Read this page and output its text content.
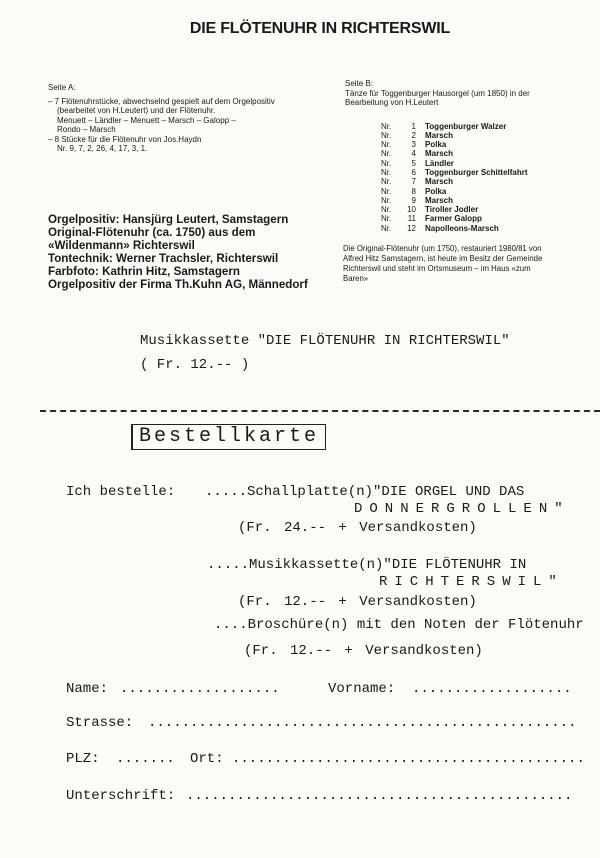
DIE FLÖTENUHR IN RICHTERSWIL
Seite A:
– 7 Flötenuhrstücke, abwechselnd gespielt auf dem Orgelpositiv (bearbeitet von H.Leutert) und der Flötenuhr.
Menuett – Ländler – Menuett – Marsch – Galopp –
Rondo – Marsch
– 8 Stücke für die Flötenuhr von Jos.Haydn
Nr. 9, 7, 2, 26, 4, 17, 3, 1.
Orgelpositiv: Hansjürg Leutert, Samstagern
Original-Flötenuhr (ca. 1750) aus dem
«Wildenmann» Richterswil
Tontechnik: Werner Trachsler, Richterswil
Farbfoto: Kathrin Hitz, Samstagern
Orgelpositiv der Firma Th.Kuhn AG, Männedorf
Seite B:
Tänze für Toggenburger Hausorgel (um 1850) in der
Bearbeitung von H.Leutert
Nr.	1	Toggenburger Walzer
Nr.	2	Marsch
Nr.	3	Polka
Nr.	4	Marsch
Nr.	5	Ländler
Nr.	6	Toggenburger Schittelfahrt
Nr.	7	Marsch
Nr.	8	Polka
Nr.	9	Marsch
Nr.	10	Tiroller Jodler
Nr.	11	Farmer Galopp
Nr.	12	Napolleons-Marsch
Die Original-Flötenuhr (um 1750), restauriert 1980/81 von
Alfred Hitz Samstagern, ist heute im Besitz der Gemeinde
Richterswil und steht im Ortsmuseum – im Haus «zum
Baren»
Musikkassette "DIE FLÖTENUHR IN RICHTERSWIL"
( Fr. 12.-- )
Bestellkarte
Ich bestelle: .....Schallplatte(n)"DIE ORGEL UND DAS
DONNERGROLLEN"
(Fr. 24.-- + Versandkosten)
.....Musikkassette(n)"DIE FLÖTENUHR IN
RICHTERSWIL"
(Fr. 12.-- + Versandkosten)
....Broschüre(n) mit den Noten der Flötenuhr
(Fr. 12.-- + Versandkosten)
Name: ...................	Vorname: ...................
Strasse: ...................................................
PLZ: ....... Ort: ..........................................
Unterschrift: ..............................................
